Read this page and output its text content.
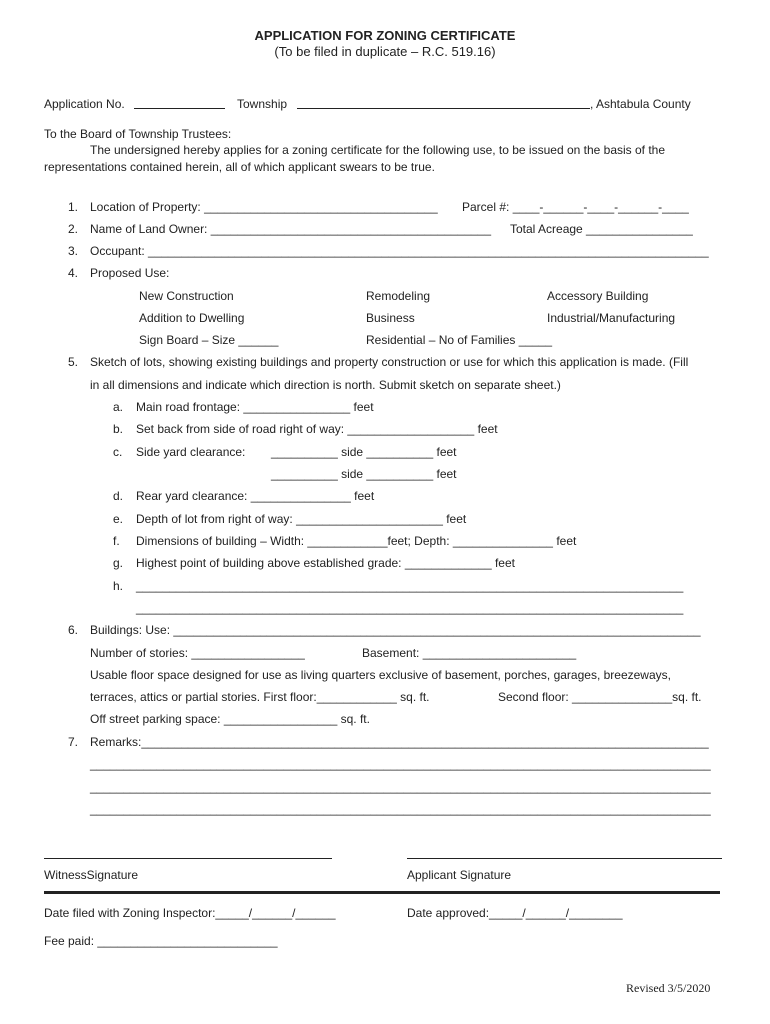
APPLICATION FOR ZONING CERTIFICATE
(To be filed in duplicate – R.C. 519.16)
Application No.	Township	, Ashtabula County
To the Board of Township Trustees:
The undersigned hereby applies for a zoning certificate for the following use, to be issued on the basis of the
representations contained herein, all of which applicant swears to be true.
1. Location of Property: ___________________________________ Parcel #: ____-______-____-______-____
2. Name of Land Owner: __________________________________________ Total Acreage ________________
3. Occupant: ____________________________________________________________________________________
4. Proposed Use:
New Construction	Remodeling	Accessory Building
Addition to Dwelling	Business	Industrial/Manufacturing
Sign Board – Size ______	Residential – No of Families _____
5. Sketch of lots, showing existing buildings and property construction or use for which this application is made. (Fill
in all dimensions and indicate which direction is north. Submit sketch on separate sheet.)
a. Main road frontage: ________________ feet
b. Set back from side of road right of way: ___________________ feet
c. Side yard clearance: __________ side __________ feet
__________ side __________ feet
d. Rear yard clearance: _______________ feet
e. Depth of lot from right of way: ______________________ feet
f. Dimensions of building – Width: ____________feet; Depth: _______________ feet
g. Highest point of building above established grade: _____________ feet
h. __________________________________________________________________________________
__________________________________________________________________________________
6. Buildings: Use: _______________________________________________________________________________
Number of stories: _________________	Basement: _______________________
Usable floor space designed for use as living quarters exclusive of basement, porches, garages, breezeways,
terraces, attics or partial stories. First floor:____________ sq. ft.	Second floor: _______________sq. ft.
Off street parking space: _________________ sq. ft.
7. Remarks:_____________________________________________________________________________________
_____________________________________________________________________________________________
_____________________________________________________________________________________________
_____________________________________________________________________________________________
WitnessSignature	Applicant Signature
Date filed with Zoning Inspector:_____/______/______	Date approved:_____/______/________
Fee paid: ___________________________
Revised 3/5/2020
